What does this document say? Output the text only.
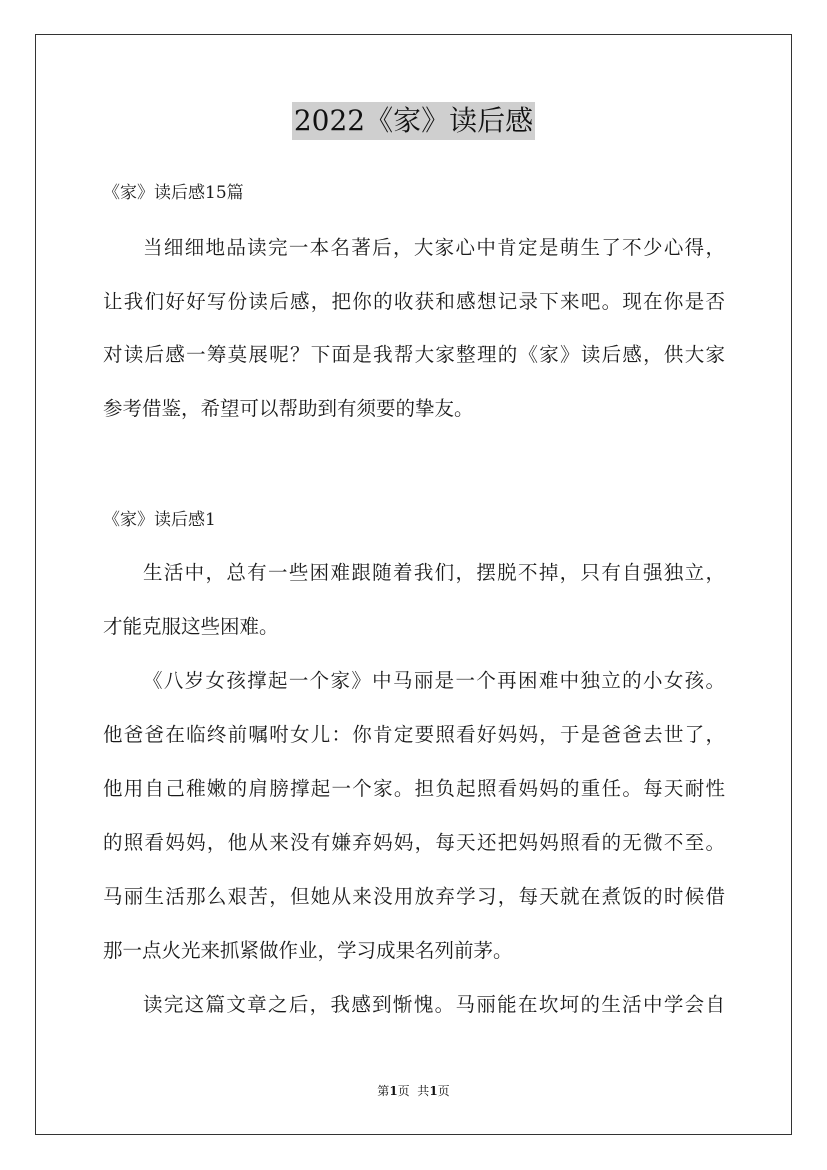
2022《家》读后感
《家》读后感15篇
当细细地品读完一本名著后，大家心中肯定是萌生了不少心得，
让我们好好写份读后感，把你的收获和感想记录下来吧。现在你是否
对读后感一筹莫展呢？下面是我帮大家整理的《家》读后感，供大家
参考借鉴，希望可以帮助到有须要的挚友。
《家》读后感1
生活中，总有一些困难跟随着我们，摆脱不掉，只有自强独立，
才能克服这些困难。
《八岁女孩撑起一个家》中马丽是一个再困难中独立的小女孩。
他爸爸在临终前嘱咐女儿：你肯定要照看好妈妈，于是爸爸去世了，
他用自己稚嫩的肩膀撑起一个家。担负起照看妈妈的重任。每天耐性
的照看妈妈，他从来没有嫌弃妈妈，每天还把妈妈照看的无微不至。
马丽生活那么艰苦，但她从来没用放弃学习，每天就在煮饭的时候借
那一点火光来抓紧做作业，学习成果名列前茅。
读完这篇文章之后，我感到惭愧。马丽能在坎坷的生活中学会自
第1页  共1页
